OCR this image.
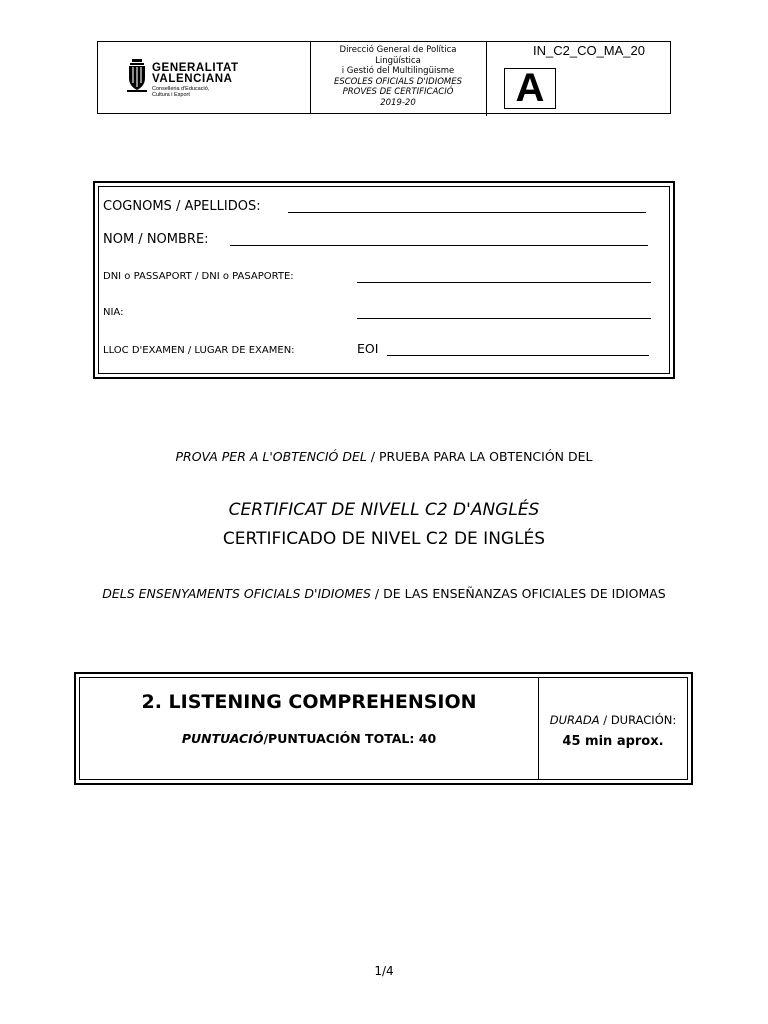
GENERALITAT
VALENCIANA
Conselleria d'Educació,
Cultura i Esport
Direcció General de Política
Lingüística
i Gestió del Multilingüisme
ESCOLES OFICIALS D'IDIOMES
PROVES DE CERTIFICACIÓ
2019-20
IN_C2_CO_MA_20
A
COGNOMS / APELLIDOS:
NOM / NOMBRE:
DNI o PASSAPORT / DNI o PASAPORTE:
NIA:
LLOC D'EXAMEN / LUGAR DE EXAMEN:	EOI
PROVA PER A L'OBTENCIÓ DEL / PRUEBA PARA LA OBTENCIÓN DEL
CERTIFICAT DE NIVELL C2 D'ANGLÉS
CERTIFICADO DE NIVEL C2 DE INGLÉS
DELS ENSENYAMENTS OFICIALS D'IDIOMES / DE LAS ENSEÑANZAS OFICIALES DE IDIOMAS
2. LISTENING COMPREHENSION
PUNTUACIÓ/PUNTUACIÓN TOTAL: 40
DURADA / DURACIÓN:
45 min aprox.
1/4
